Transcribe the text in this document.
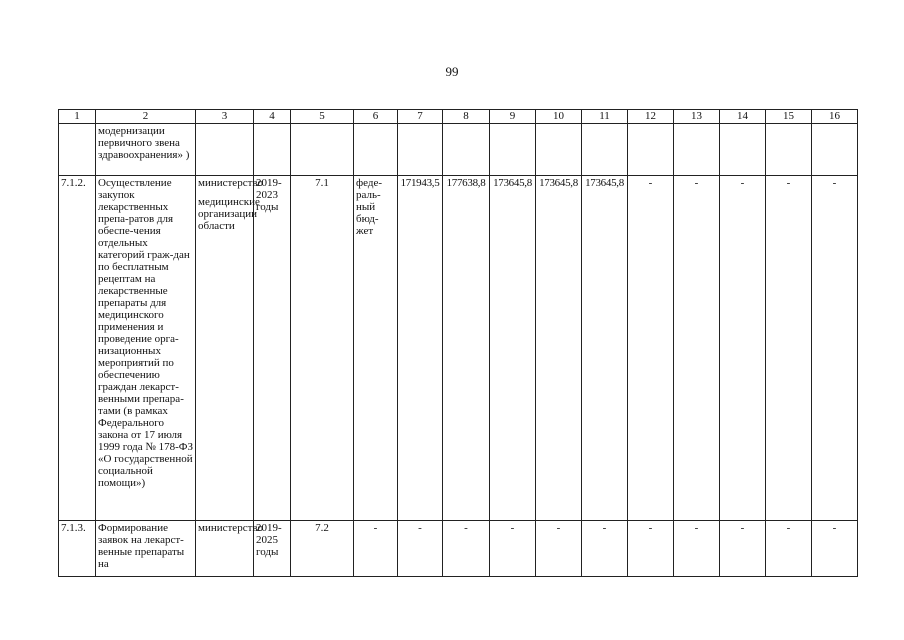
99
1	2	3	4	5	6	7	8	9	10	11	12	13	14	15	16
	модернизации первичного звена здравоохранения» )														
7.1.2.	Осуществление закупок лекарственных препа-ратов для обеспе-чения отдельных категорий граж-дан по бесплатным рецептам на лекарственные препараты для медицинского применения и проведение орга-низационных мероприятий по обеспечению граждан лекарст-венными препара-тами (в рамках Федерального закона от 17 июля 1999 года № 178-ФЗ «О государственной социальной помощи»)	министерство
медицинские организации области	2019-2023 годы	7.1	феде-раль-ный бюд-жет	171943,5	177638,8	173645,8	173645,8	173645,8	-	-	-	-	-
7.1.3.	Формирование заявок на лекарст-венные препараты на	министерство	2019-2025 годы	7.2	-	-	-	-	-	-	-	-	-	-	-
